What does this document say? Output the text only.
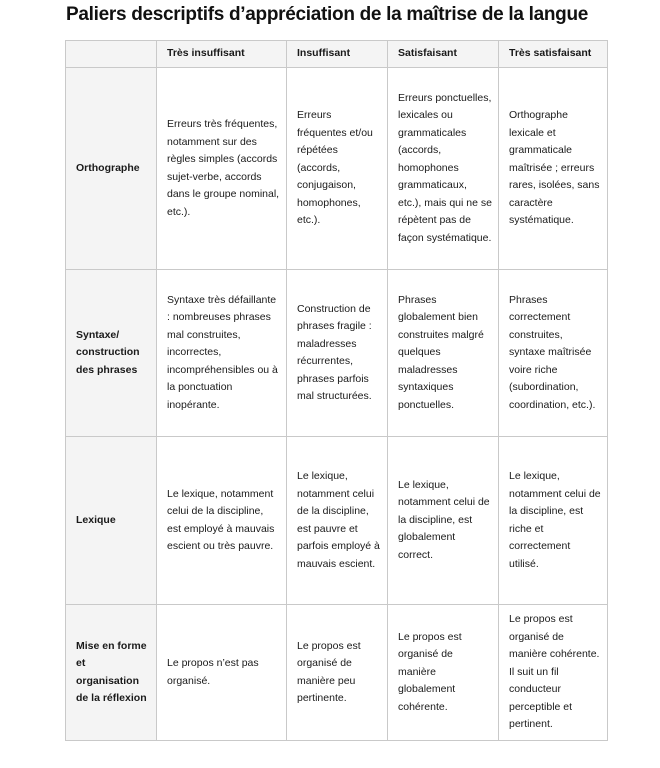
Paliers descriptifs d’appréciation de la maîtrise de la langue
	Très insuffisant	Insuffisant	Satisfaisant	Très satisfaisant
Orthographe	Erreurs très fréquentes, notamment sur des règles simples (accords sujet-verbe, accords dans le groupe nominal, etc.).	Erreurs fréquentes et/ou répétées (accords, conjugaison, homophones, etc.).	Erreurs ponctuelles, lexicales ou grammaticales (accords, homophones grammaticaux, etc.), mais qui ne se répètent pas de façon systématique.	Orthographe lexicale et grammaticale maîtrisée ; erreurs rares, isolées, sans caractère systématique.
Syntaxe/ construction des phrases	Syntaxe très défaillante : nombreuses phrases mal construites, incorrectes, incompréhensibles ou à la ponctuation inopérante.	Construction de phrases fragile : maladresses récurrentes, phrases parfois mal structurées.	Phrases globalement bien construites malgré quelques maladresses syntaxiques ponctuelles.	Phrases correctement construites, syntaxe maîtrisée voire riche (subordination, coordination, etc.).
Lexique	Le lexique, notamment celui de la discipline, est employé à mauvais escient ou très pauvre.	Le lexique, notamment celui de la discipline, est pauvre et parfois employé à mauvais escient.	Le lexique, notamment celui de la discipline, est globalement correct.	Le lexique, notamment celui de la discipline, est riche et correctement utilisé.
Mise en forme et organisation de la réflexion	Le propos n’est pas organisé.	Le propos est organisé de manière peu pertinente.	Le propos est organisé de manière globalement cohérente.	Le propos est organisé de manière cohérente. Il suit un fil conducteur perceptible et pertinent.
